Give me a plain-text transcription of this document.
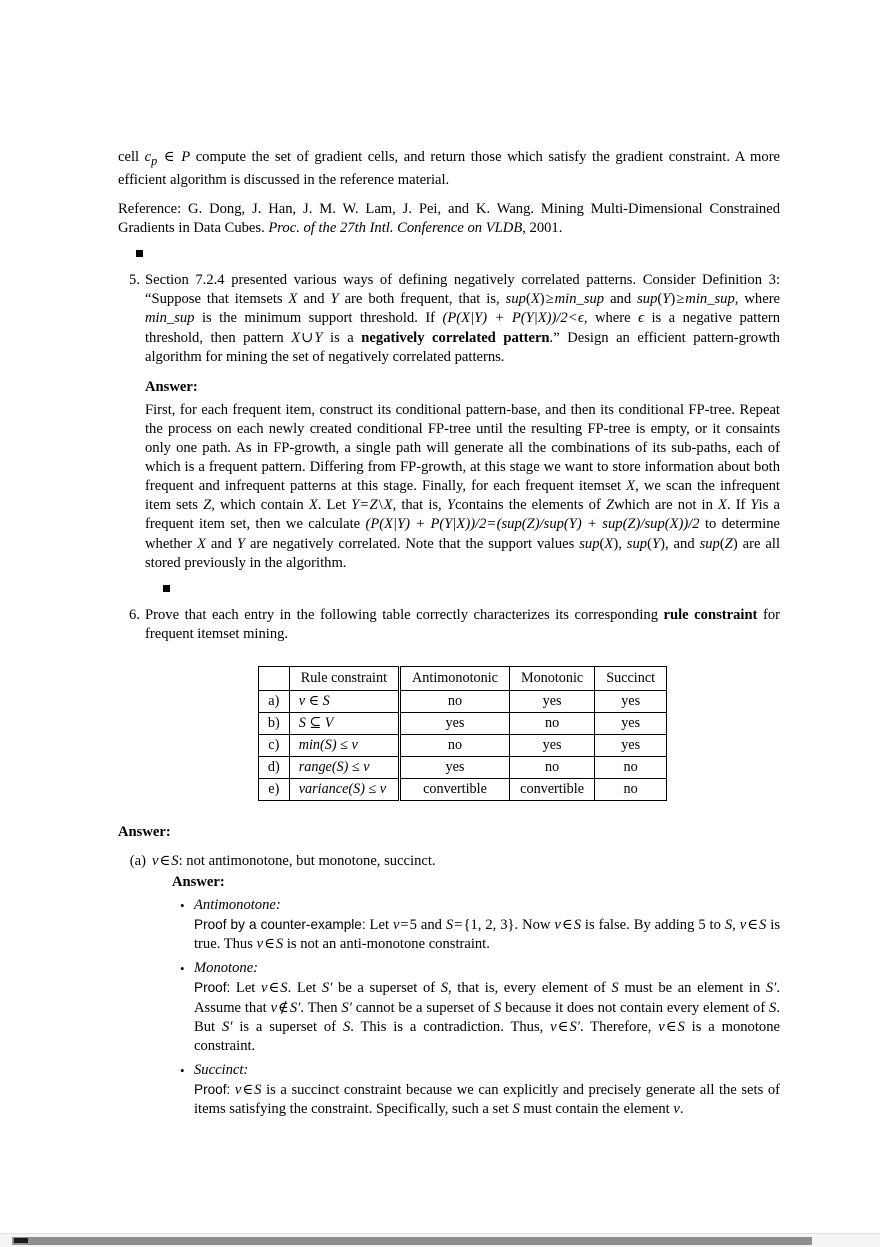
cell $c_p$ ∈ P compute the set of gradient cells, and return those which satisfy the gradient constraint. A more efficient algorithm is discussed in the reference material.
Reference: G. Dong, J. Han, J. M. W. Lam, J. Pei, and K. Wang. Mining Multi-Dimensional Constrained Gradients in Data Cubes. Proc. of the 27th Intl. Conference on VLDB, 2001.
5. Section 7.2.4 presented various ways of defining negatively correlated patterns. Consider Definition 3: “Suppose that itemsets X and Y are both frequent, that is, sup(X)≥min_sup and sup(Y)≥min_sup, where min_sup is the minimum support threshold. If (P(X|Y) + P(Y|X))/2<ϵ, where ϵ is a negative pattern threshold, then pattern X∪Y is a negatively correlated pattern.” Design an efficient pattern-growth algorithm for mining the set of negatively correlated patterns.
Answer:
First, for each frequent item, construct its conditional pattern-base, and then its conditional FP-tree. Repeat the process on each newly created conditional FP-tree until the resulting FP-tree is empty, or it consaints only one path. As in FP-growth, a single path will generate all the combinations of its sub-paths, each of which is a frequent pattern. Differing from FP-growth, at this stage we want to store information about both frequent and infrequent patterns at this stage. Finally, for each frequent itemset X, we scan the infrequent item sets Z, which contain X. Let Y=Z\X, that is, Ycontains the elements of Zwhich are not in X. If Yis a frequent item set, then we calculate (P(X|Y) + P(Y|X))/2=(sup(Z)/sup(Y) + sup(Z)/sup(X))/2 to determine whether X and Y are negatively correlated. Note that the support values sup(X), sup(Y), and sup(Z) are all stored previously in the algorithm.
6. Prove that each entry in the following table correctly characterizes its corresponding rule constraint for frequent itemset mining.
	Rule constraint	Antimonotonic	Monotonic	Succinct
a)	v ∈ S	no	yes	yes
b)	S ⊆ V	yes	no	yes
c)	min(S) ≤ v	no	yes	yes
d)	range(S) ≤ v	yes	no	no
e)	variance(S) ≤ v	convertible	convertible	no
Answer:
(a) v∈S: not antimonotone, but monotone, succinct.
Answer:
• Antimonotone:
Proof by a counter-example: Let v=5 and S={1, 2, 3}. Now v∈S is false. By adding 5 to S, v∈S is true. Thus v∈S is not an anti-monotone constraint.
• Monotone:
Proof: Let v∈S. Let S′ be a superset of S, that is, every element of S must be an element in S′. Assume that v∉S′. Then S′ cannot be a superset of S because it does not contain every element of S. But S′ is a superset of S. This is a contradiction. Thus, v∈S′. Therefore, v∈S is a monotone constraint.
• Succinct:
Proof: v∈S is a succinct constraint because we can explicitly and precisely generate all the sets of items satisfying the constraint. Specifically, such a set S must contain the element v.
